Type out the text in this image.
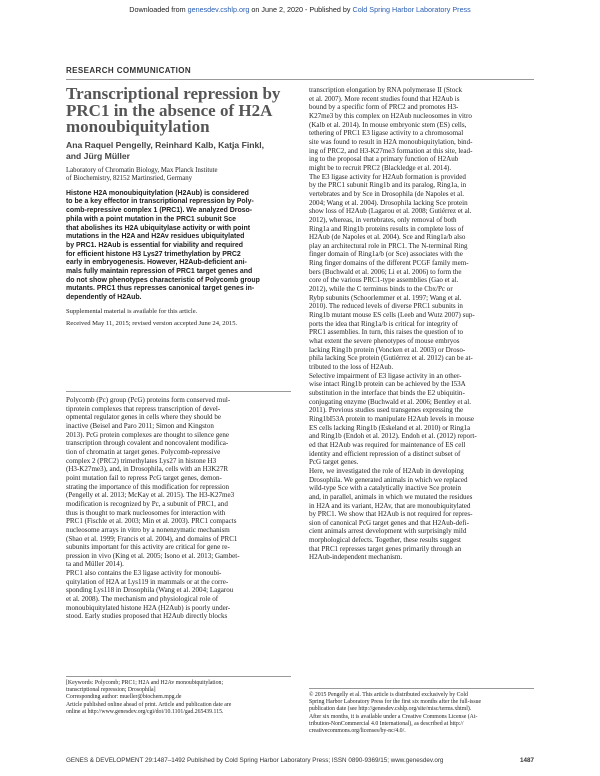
Downloaded from genesdev.cshlp.org on June 2, 2020 - Published by Cold Spring Harbor Laboratory Press
RESEARCH COMMUNICATION
Transcriptional repression by
PRC1 in the absence of H2A
monoubiquitylation
Ana Raquel Pengelly, Reinhard Kalb, Katja Finkl,
and Jürg Müller
Laboratory of Chromatin Biology, Max Planck Institute
of Biochemistry, 82152 Martinsried, Germany
Histone H2A monoubiquitylation (H2Aub) is considered
to be a key effector in transcriptional repression by Poly-
comb-repressive complex 1 (PRC1). We analyzed Droso-
phila with a point mutation in the PRC1 subunit Sce
that abolishes its H2A ubiquitylase activity or with point
mutations in the H2A and H2Av residues ubiquitylated
by PRC1. H2Aub is essential for viability and required
for efficient histone H3 Lys27 trimethylation by PRC2
early in embryogenesis. However, H2Aub-deficient ani-
mals fully maintain repression of PRC1 target genes and
do not show phenotypes characteristic of Polycomb group
mutants. PRC1 thus represses canonical target genes in-
dependently of H2Aub.
Supplemental material is available for this article.
Received May 11, 2015; revised version accepted June 24, 2015.
Polycomb (Pc) group (PcG) proteins form conserved mul-
tiprotein complexes that repress transcription of devel-
opmental regulator genes in cells where they should be
inactive (Beisel and Paro 2011; Simon and Kingston
2013). PcG protein complexes are thought to silence gene
transcription through covalent and noncovalent modifica-
tion of chromatin at target genes. Polycomb-repressive
complex 2 (PRC2) trimethylates Lys27 in histone H3
(H3-K27me3), and, in Drosophila, cells with an H3K27R
point mutation fail to repress PcG target genes, demon-
strating the importance of this modification for repression
(Pengelly et al. 2013; McKay et al. 2015). The H3-K27me3
modification is recognized by Pc, a subunit of PRC1, and
thus is thought to mark nucleosomes for interaction with
PRC1 (Fischle et al. 2003; Min et al. 2003). PRC1 compacts
nucleosome arrays in vitro by a nonenzymatic mechanism
(Shao et al. 1999; Francis et al. 2004), and domains of PRC1
subunits important for this activity are critical for gene re-
pression in vivo (King et al. 2005; Isono et al. 2013; Gambet-
ta and Müller 2014).
PRC1 also contains the E3 ligase activity for monoubi-
quitylation of H2A at Lys119 in mammals or at the corre-
sponding Lys118 in Drosophila (Wang et al. 2004; Lagarou
et al. 2008). The mechanism and physiological role of
monoubiquitylated histone H2A (H2Aub) is poorly under-
stood. Early studies proposed that H2Aub directly blocks
[Keywords: Polycomb; PRC1; H2A and H2Av monoubiquitylation;
transcriptional repression; Drosophila]
Corresponding author: mueller@biochem.mpg.de
Article published online ahead of print. Article and publication date are
online at http://www.genesdev.org/cgi/doi/10.1101/gad.265439.115.
transcription elongation by RNA polymerase II (Stock
et al. 2007). More recent studies found that H2Aub is
bound by a specific form of PRC2 and promotes H3-
K27me3 by this complex on H2Aub nucleosomes in vitro
(Kalb et al. 2014). In mouse embryonic stem (ES) cells,
tethering of PRC1 E3 ligase activity to a chromosomal
site was found to result in H2A monoubiquitylation, bind-
ing of PRC2, and H3-K27me3 formation at this site, lead-
ing to the proposal that a primary function of H2Aub
might be to recruit PRC2 (Blackledge et al. 2014).
The E3 ligase activity for H2Aub formation is provided
by the PRC1 subunit Ring1b and its paralog, Ring1a, in
vertebrates and by Sce in Drosophila (de Napoles et al.
2004; Wang et al. 2004). Drosophila lacking Sce protein
show loss of H2Aub (Lagarou et al. 2008; Gutiérrez et al.
2012), whereas, in vertebrates, only removal of both
Ring1a and Ring1b proteins results in complete loss of
H2Aub (de Napoles et al. 2004). Sce and Ring1a/b also
play an architectural role in PRC1. The N-terminal Ring
finger domain of Ring1a/b (or Sce) associates with the
Ring finger domains of the different PCGF family mem-
bers (Buchwald et al. 2006; Li et al. 2006) to form the
core of the various PRC1-type assemblies (Gao et al.
2012), while the C terminus binds to the Cbx/Pc or
Rybp subunits (Schoorlemmer et al. 1997; Wang et al.
2010). The reduced levels of diverse PRC1 subunits in
Ring1b mutant mouse ES cells (Leeb and Wutz 2007) sup-
ports the idea that Ring1a/b is critical for integrity of
PRC1 assemblies. In turn, this raises the question of to
what extent the severe phenotypes of mouse embryos
lacking Ring1b protein (Voncken et al. 2003) or Droso-
phila lacking Sce protein (Gutiérrez et al. 2012) can be at-
tributed to the loss of H2Aub.
Selective impairment of E3 ligase activity in an other-
wise intact Ring1b protein can be achieved by the I53A
substitution in the interface that binds the E2 ubiquitin-
conjugating enzyme (Buchwald et al. 2006; Bentley et al.
2011). Previous studies used transgenes expressing the
Ring1bI53A protein to manipulate H2Aub levels in mouse
ES cells lacking Ring1b (Eskeland et al. 2010) or Ring1a
and Ring1b (Endoh et al. 2012). Endoh et al. (2012) report-
ed that H2Aub was required for maintenance of ES cell
identity and efficient repression of a distinct subset of
PcG target genes.
Here, we investigated the role of H2Aub in developing
Drosophila. We generated animals in which we replaced
wild-type Sce with a catalytically inactive Sce protein
and, in parallel, animals in which we mutated the residues
in H2A and its variant, H2Av, that are monoubiquitylated
by PRC1. We show that H2Aub is not required for repres-
sion of canonical PcG target genes and that H2Aub-defi-
cient animals arrest development with surprisingly mild
morphological defects. Together, these results suggest
that PRC1 represses target genes primarily through an
H2Aub-independent mechanism.
© 2015 Pengelly et al. This article is distributed exclusively by Cold
Spring Harbor Laboratory Press for the first six months after the full-issue
publication date (see http://genesdev.cshlp.org/site/misc/terms.xhtml).
After six months, it is available under a Creative Commons License (At-
tribution-NonCommercial 4.0 International), as described at http://
creativecommons.org/licenses/by-nc/4.0/.
GENES & DEVELOPMENT 29:1487–1492 Published by Cold Spring Harbor Laboratory Press; ISSN 0890-9369/15; www.genesdev.org	1487
